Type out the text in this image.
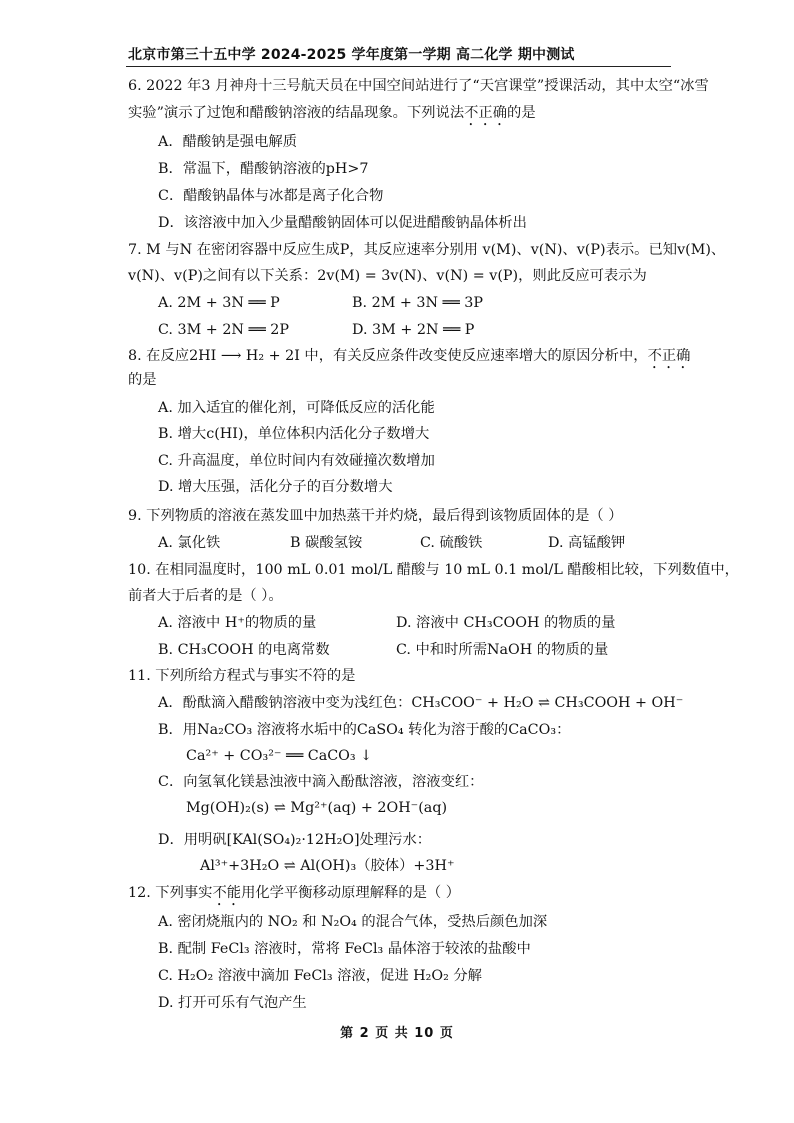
北京市第三十五中学 2024-2025 学年度第一学期 高二化学 期中测试
6. 2022 年3 月神舟十三号航天员在中国空间站进行了“天宫课堂”授课活动，其中太空“冰雪
实验”演示了过饱和醋酸钠溶液的结晶现象。下列说法不正确的是
A．醋酸钠是强电解质
B．常温下，醋酸钠溶液的pH>7
C．醋酸钠晶体与冰都是离子化合物
D．该溶液中加入少量醋酸钠固体可以促进醋酸钠晶体析出
7. M 与N 在密闭容器中反应生成P，其反应速率分别用 v(M)、v(N)、v(P)表示。已知v(M)、
v(N)、v(P)之间有以下关系：2v(M) = 3v(N)、v(N) = v(P)，则此反应可表示为
A. 2M + 3N ══ P	B. 2M + 3N ══ 3P
C. 3M + 2N ══ 2P	D. 3M + 2N ══ P
8. 在反应2HI ⟶ H₂ + 2I 中，有关反应条件改变使反应速率增大的原因分析中，不正确
的是
A. 加入适宜的催化剂，可降低反应的活化能
B. 增大c(HI)，单位体积内活化分子数增大
C. 升高温度，单位时间内有效碰撞次数增加
D. 增大压强，活化分子的百分数增大
9. 下列物质的溶液在蒸发皿中加热蒸干并灼烧，最后得到该物质固体的是（ ）
A. 氯化铁	B 碳酸氢铵	C. 硫酸铁	D. 高锰酸钾
10. 在相同温度时，100 mL 0.01 mol/L 醋酸与 10 mL 0.1 mol/L 醋酸相比较，下列数值中，
前者大于后者的是（ ）。
A. 溶液中 H⁺的物质的量	D. 溶液中 CH₃COOH 的物质的量
B. CH₃COOH 的电离常数	C. 中和时所需NaOH 的物质的量
11. 下列所给方程式与事实不符的是
A．酚酞滴入醋酸钠溶液中变为浅红色：CH₃COO⁻ + H₂O ⇌ CH₃COOH + OH⁻
B．用Na₂CO₃ 溶液将水垢中的CaSO₄ 转化为溶于酸的CaCO₃：
Ca²⁺ + CO₃²⁻ ══ CaCO₃ ↓
C．向氢氧化镁悬浊液中滴入酚酞溶液，溶液变红：
Mg(OH)₂(s) ⇌ Mg²⁺(aq) + 2OH⁻(aq)
D．用明矾[KAl(SO₄)₂·12H₂O]处理污水：
Al³⁺+3H₂O ⇌ Al(OH)₃（胶体）+3H⁺
12. 下列事实不能用化学平衡移动原理解释的是（ ）
A. 密闭烧瓶内的 NO₂ 和 N₂O₄ 的混合气体，受热后颜色加深
B. 配制 FeCl₃ 溶液时，常将 FeCl₃ 晶体溶于较浓的盐酸中
C. H₂O₂ 溶液中滴加 FeCl₃ 溶液，促进 H₂O₂ 分解
D. 打开可乐有气泡产生
第 2 页 共 10 页
